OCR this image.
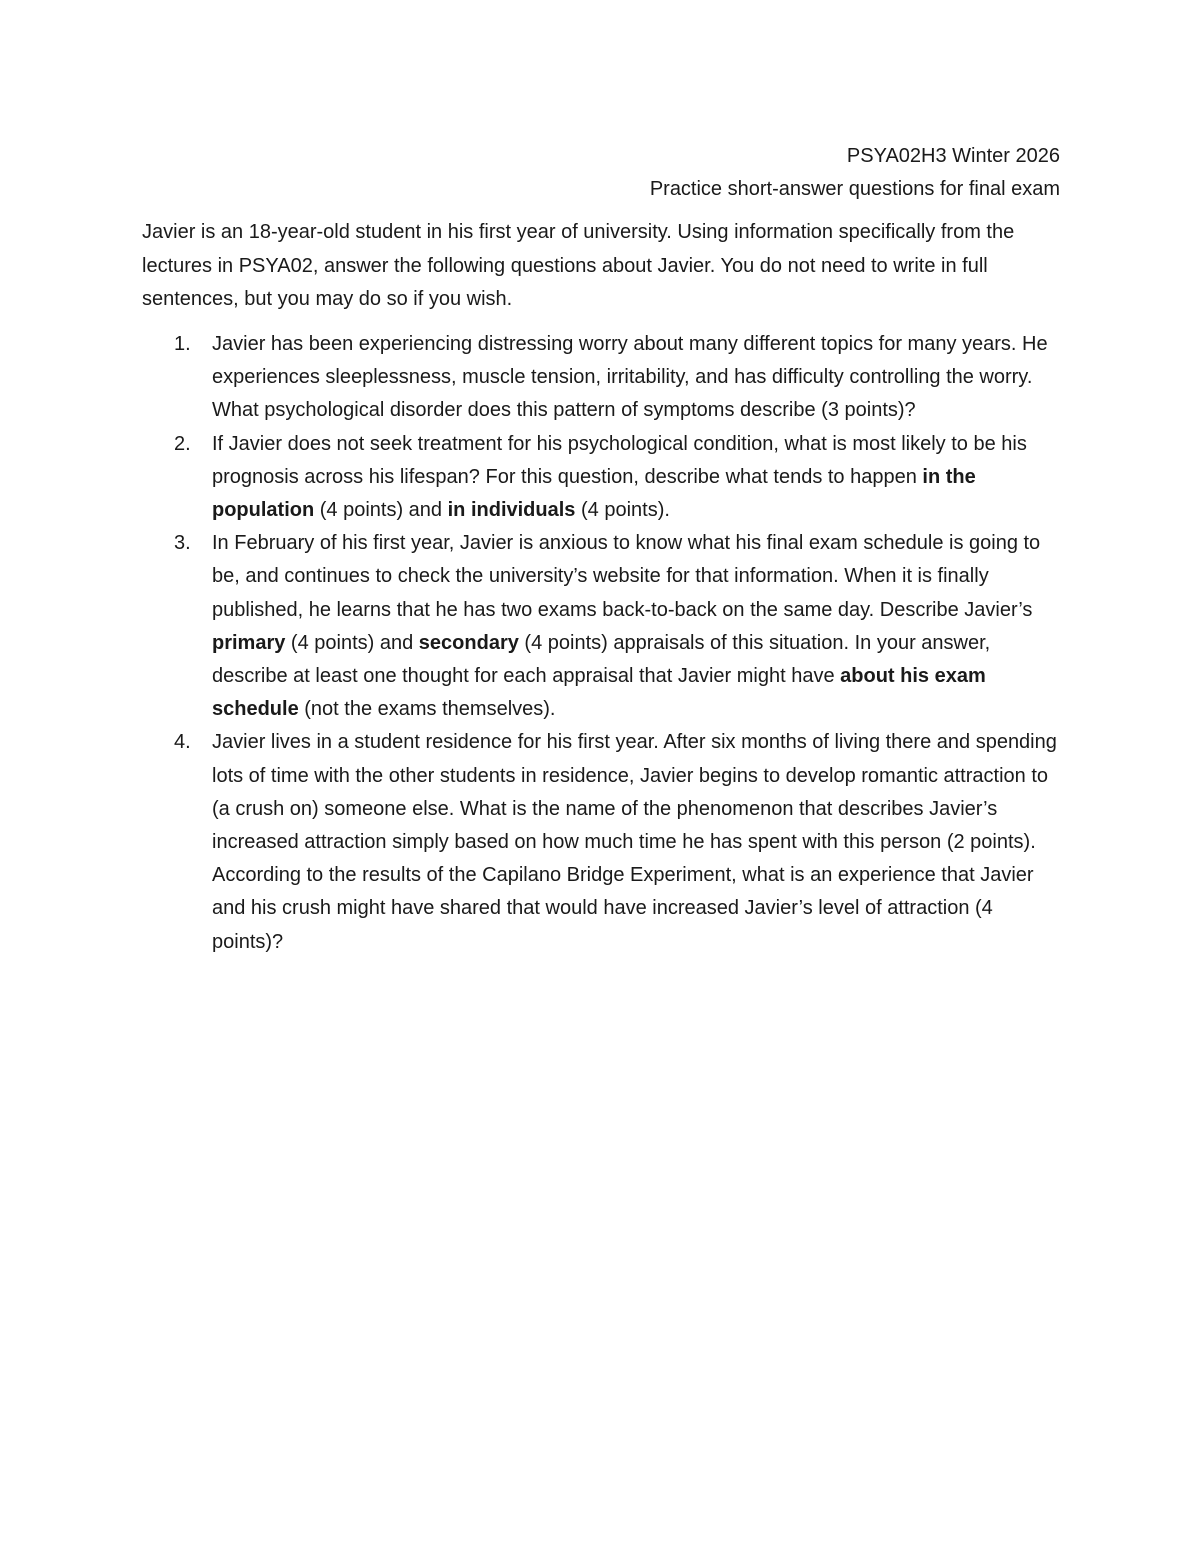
PSYA02H3 Winter 2026
Practice short-answer questions for final exam

Javier is an 18-year-old student in his first year of university. Using information specifically from the lectures in PSYA02, answer the following questions about Javier. You do not need to write in full sentences, but you may do so if you wish.

1. Javier has been experiencing distressing worry about many different topics for many years. He experiences sleeplessness, muscle tension, irritability, and has difficulty controlling the worry. What psychological disorder does this pattern of symptoms describe (3 points)?
2. If Javier does not seek treatment for his psychological condition, what is most likely to be his prognosis across his lifespan? For this question, describe what tends to happen in the population (4 points) and in individuals (4 points).
3. In February of his first year, Javier is anxious to know what his final exam schedule is going to be, and continues to check the university’s website for that information. When it is finally published, he learns that he has two exams back-to-back on the same day. Describe Javier’s primary (4 points) and secondary (4 points) appraisals of this situation. In your answer, describe at least one thought for each appraisal that Javier might have about his exam schedule (not the exams themselves).
4. Javier lives in a student residence for his first year. After six months of living there and spending lots of time with the other students in residence, Javier begins to develop romantic attraction to (a crush on) someone else. What is the name of the phenomenon that describes Javier’s increased attraction simply based on how much time he has spent with this person (2 points). According to the results of the Capilano Bridge Experiment, what is an experience that Javier and his crush might have shared that would have increased Javier’s level of attraction (4 points)?
